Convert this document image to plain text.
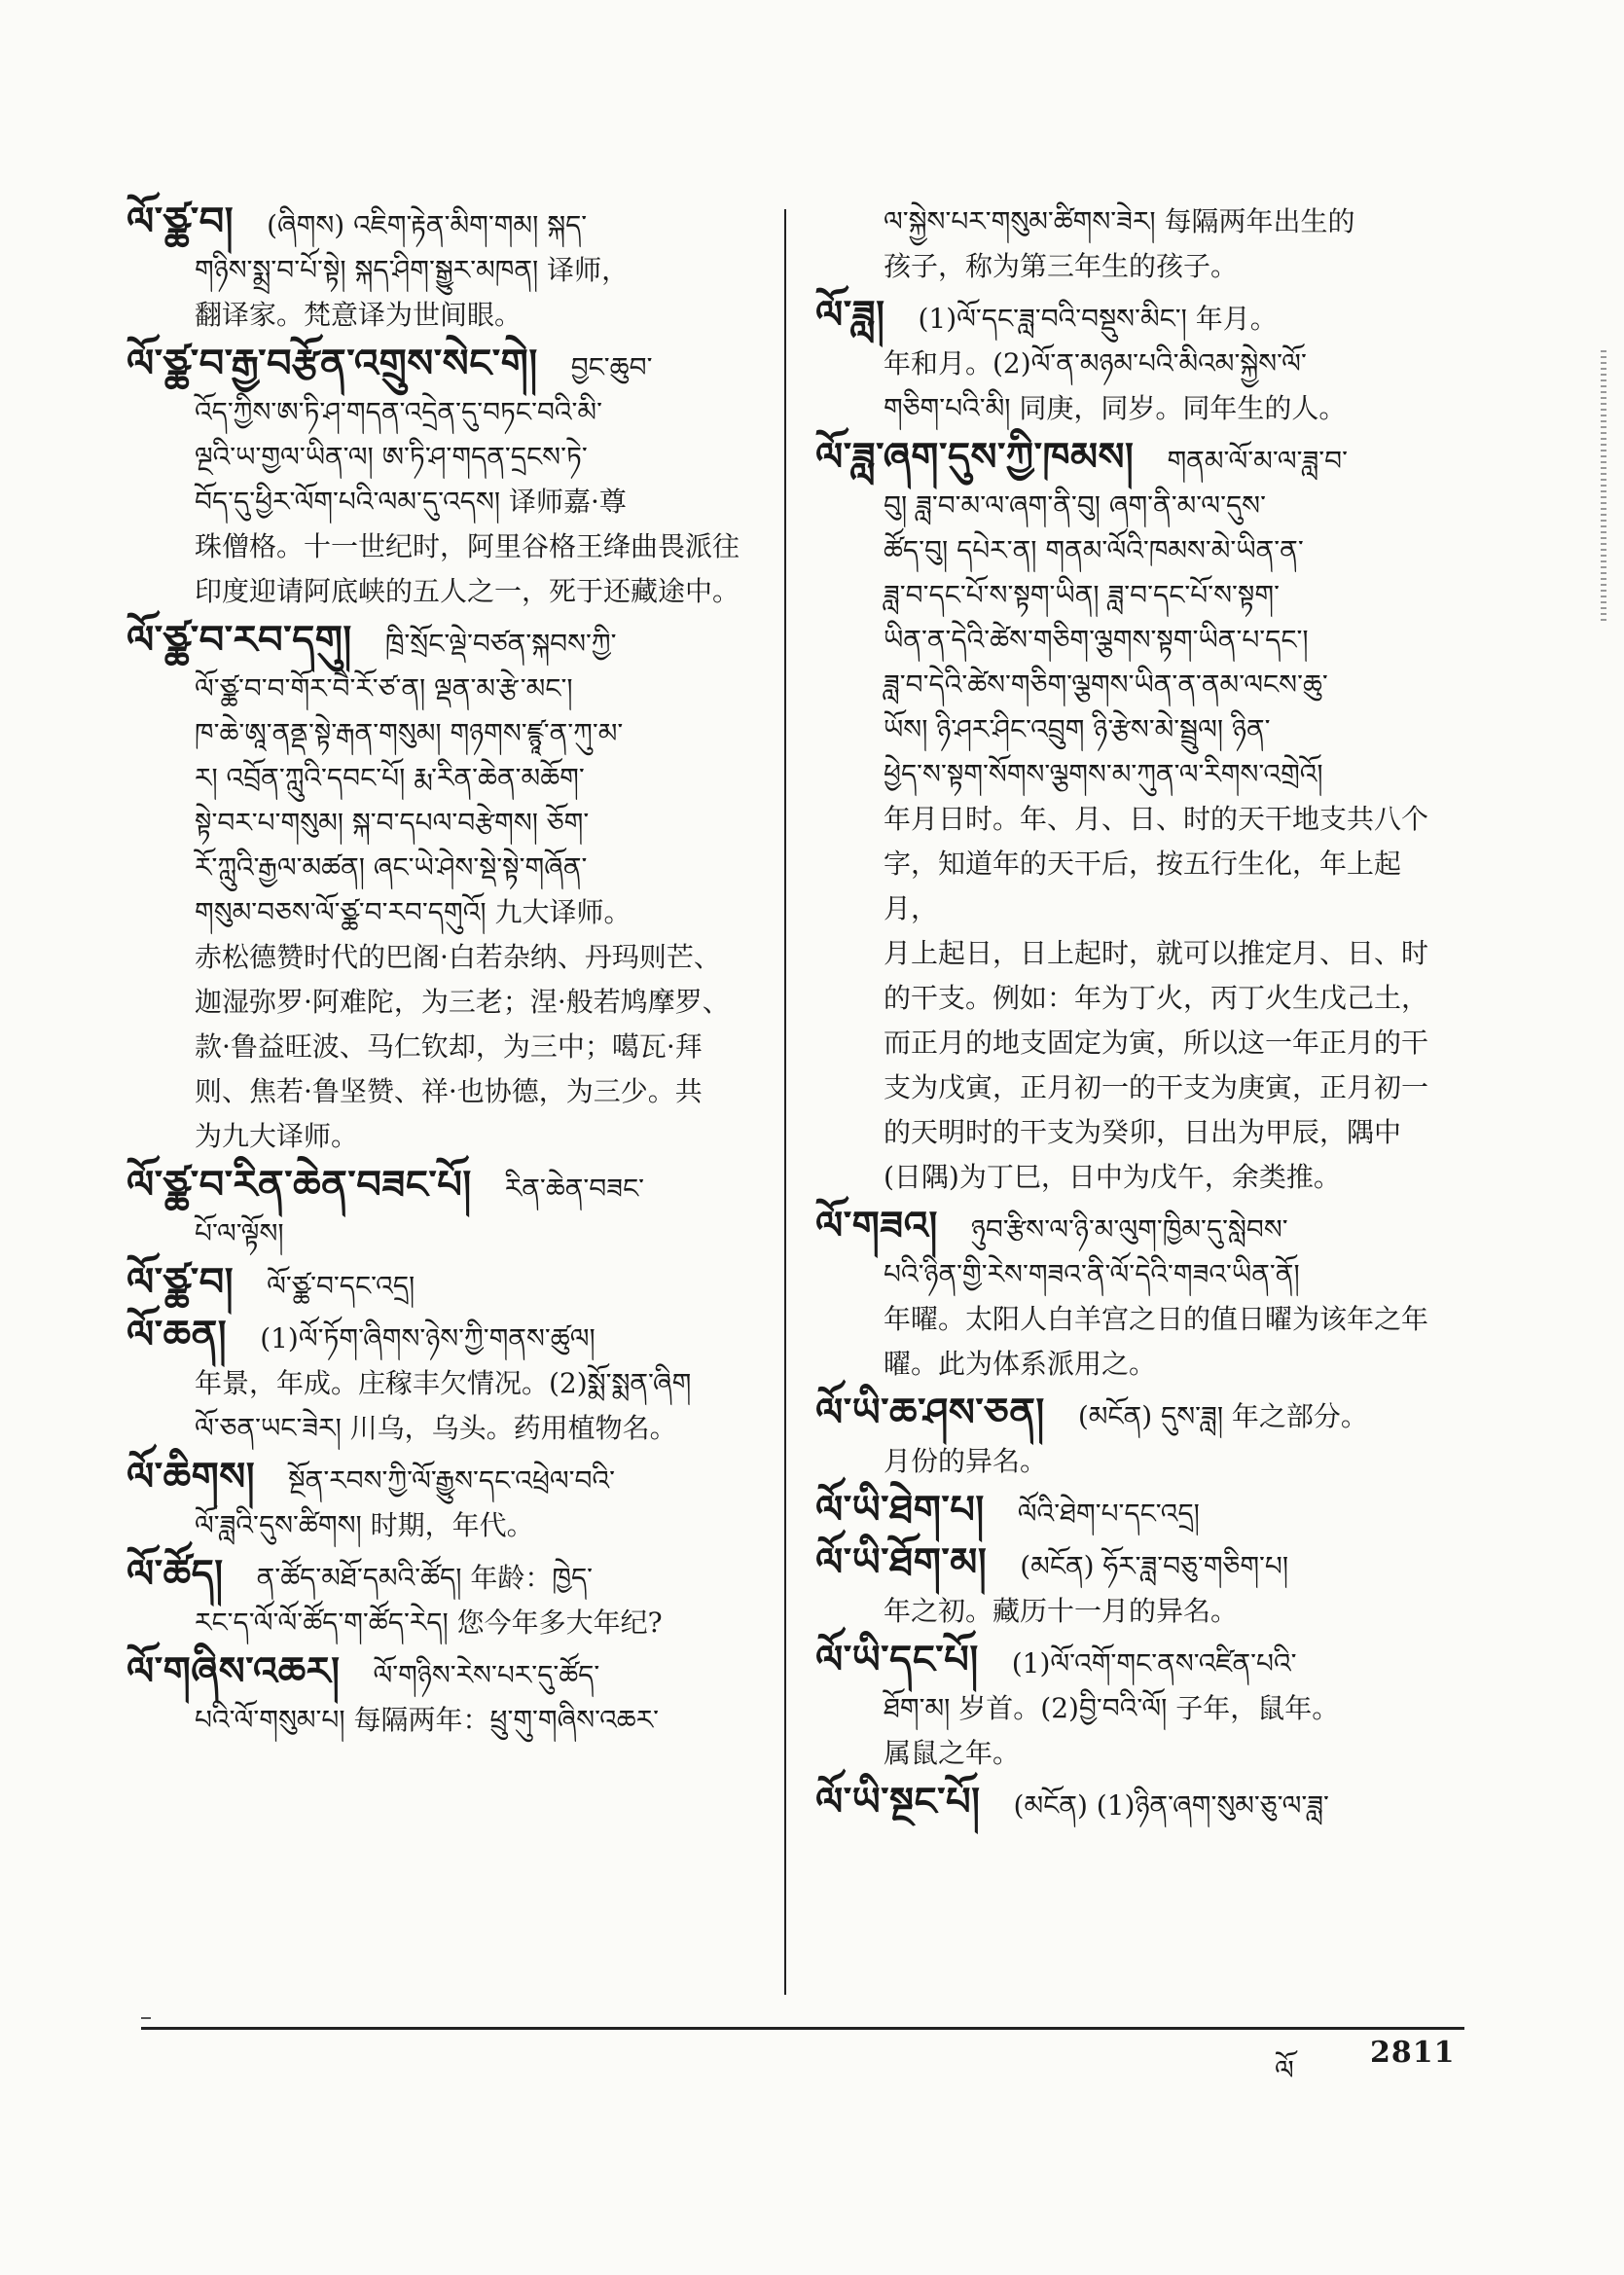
ལོ་ཙྪ་བ། (ཞིགས) འཇིག་རྟེན་མིག་གམ། སྐད་
གཉིས་སྨྲ་བ་པོ་སྟེ། སྐད་ཤིག་སྒྱུར་མཁན། 译师，
翻译家。梵意译为世间眼。
ལོ་ཙྪ་བ་རྒྱ་བརྩོན་འགྲུས་སེང་གེ། བྱང་ཆུབ་
འོད་ཀྱིས་ཨ་ཏི་ཤ་གདན་འདྲེན་དུ་བཏང་བའི་མི་
ལྔའི་ཡ་གྱལ་ཡིན་ལ། ཨ་ཏི་ཤ་གདན་དྲངས་ཏེ་
བོད་དུ་ཕྱིར་ལོག་པའི་ལམ་དུ་འདས། 译师嘉·尊
珠僧格。十一世纪时，阿里谷格王绛曲畏派往
印度迎请阿底峡的五人之一，死于还藏途中。
ལོ་ཙྪ་བ་རབ་དགུ། ཁྲི་སྲོང་ལྡེ་བཙན་སྐབས་ཀྱི་
ལོ་ཙྪ་བ་བ་གོར་བཻ་རོ་ཙ་ན། ལྡན་མ་རྩེ་མང་།
ཁ་ཆེ་ཨཱ་ནནྡ་སྟེ་རྒན་གསུམ། གཉགས་ཛྙཱ་ན་ཀུ་མ་
ར། འབྲོན་ཀླུའི་དབང་པོ། རྨ་རིན་ཆེན་མཆོག་
སྟེ་བར་པ་གསུམ། སྐ་བ་དཔལ་བརྩེགས། ཅོག་
རོ་ཀླུའི་རྒྱལ་མཚན། ཞང་ཡེ་ཤེས་སྡེ་སྟེ་གཞོན་
གསུམ་བཅས་ལོ་ཙྪ་བ་རབ་དགུའོ། 九大译师。
赤松德赞时代的巴阁·白若杂纳、丹玛则芒、
迦湿弥罗·阿难陀，为三老；涅·般若鸠摩罗、
款·鲁益旺波、马仁钦却，为三中；噶瓦·拜
则、焦若·鲁坚赞、祥·也协德，为三少。共
为九大译师。
ལོ་ཙྪ་བ་རིན་ཆེན་བཟང་པོ། རིན་ཆེན་བཟང་
པོ་ལ་ལྟོས།
ལོ་ཙྪ་བ། ལོ་ཙྪ་བ་དང་འདྲ།
ལོ་ཆན། (1)ལོ་ཏོག་ཞིགས་ཉེས་ཀྱི་གནས་ཚུལ།
年景，年成。庄稼丰欠情况。(2)སྨོ་སྨན་ཞིག
ལོ་ཅན་ཡང་ཟེར། 川乌，乌头。药用植物名。
ལོ་ཆིགས། སྔོན་རབས་ཀྱི་ལོ་རྒྱུས་དང་འཕྲེལ་བའི་
ལོ་ཟླའི་དུས་ཚིགས། 时期，年代。
ལོ་ཚོད། ན་ཚོད་མཐོ་དམའི་ཚོད། 年龄：ཁྱེད་
རང་ད་ལོ་ལོ་ཚོད་ག་ཚོད་རེད། 您今年多大年纪?
ལོ་གཞིས་འཆར། ལོ་གཉིས་རེས་པར་དུ་ཚོད་
པའི་ལོ་གསུམ་པ། 每隔两年：ཕྲུ་གུ་གཞིས་འཆར་
ལ་སྐྱེས་པར་གསུམ་ཚིགས་ཟེར། 每隔两年出生的
孩子，称为第三年生的孩子。
ལོ་ཟླ། (1)ལོ་དང་ཟླ་བའི་བསྡུས་མིང་། 年月。
年和月。(2)ལོ་ན་མཉམ་པའི་མིའམ་སྐྱེས་ལོ་
གཅིག་པའི་མི། 同庚，同岁。同年生的人。
ལོ་ཟླ་ཞག་དུས་ཀྱི་ཁམས། གནམ་ལོ་མ་ལ་ཟླ་བ་
བུ། ཟླ་བ་མ་ལ་ཞག་ནི་བུ། ཞག་ནི་མ་ལ་དུས་
ཚོད་བུ། དཔེར་ན། གནམ་ལོའི་ཁམས་མེ་ཡིན་ན་
ཟླ་བ་དང་པོ་ས་སྟག་ཡིན། ཟླ་བ་དང་པོ་ས་སྟག་
ཡིན་ན་དེའི་ཚེས་གཅིག་ལྕགས་སྟག་ཡིན་པ་དང་།
ཟླ་བ་དེའི་ཚེས་གཅིག་ལྕགས་ཡིན་ན་ནམ་ལངས་ཆུ་
ཡོས། ཉི་ཤར་ཤིང་འབྲུག ཉི་རྩེས་མེ་སྦྲུལ། ཉིན་
ཕྱེད་ས་སྟག་སོགས་ལྕགས་མ་ཀུན་ལ་རིགས་འགྲེའོ།
年月日时。年、月、日、时的天干地支共八个
字，知道年的天干后，按五行生化，年上起月，
月上起日，日上起时，就可以推定月、日、时
的干支。例如：年为丁火，丙丁火生戊己土，
而正月的地支固定为寅，所以这一年正月的干
支为戊寅，正月初一的干支为庚寅，正月初一
的天明时的干支为癸卯，日出为甲辰，隅中
(日隅)为丁巳，日中为戊午，余类推。
ལོ་གཟའ། ཉུབ་རྩིས་ལ་ཉི་མ་ལུག་ཁྱིམ་དུ་སླེབས་
པའི་ཉིན་གྱི་རེས་གཟའ་ནི་ལོ་དེའི་གཟའ་ཡིན་ནོ།
年曜。太阳人白羊宫之日的值日曜为该年之年
曜。此为体系派用之。
ལོ་ཡི་ཆ་ཤས་ཅན། (མངོན) དུས་ཟླ། 年之部分。
月份的异名。
ལོ་ཡི་ཐེག་པ། ལོའི་ཐེག་པ་དང་འདྲ།
ལོ་ཡི་ཐོག་མ། (མངོན) ཧོར་ཟླ་བཅུ་གཅིག་པ།
年之初。藏历十一月的异名。
ལོ་ཡི་དང་པོ། (1)ལོ་འགོ་གང་ནས་འཛིན་པའི་
ཐོག་མ། 岁首。(2)བྱི་བའི་ལོ། 子年，鼠年。
属鼠之年。
ལོ་ཡི་སྔང་པོ། (མངོན) (1)ཉིན་ཞག་སུམ་ཅུ་ལ་ཟླ་
ལོ
2811
